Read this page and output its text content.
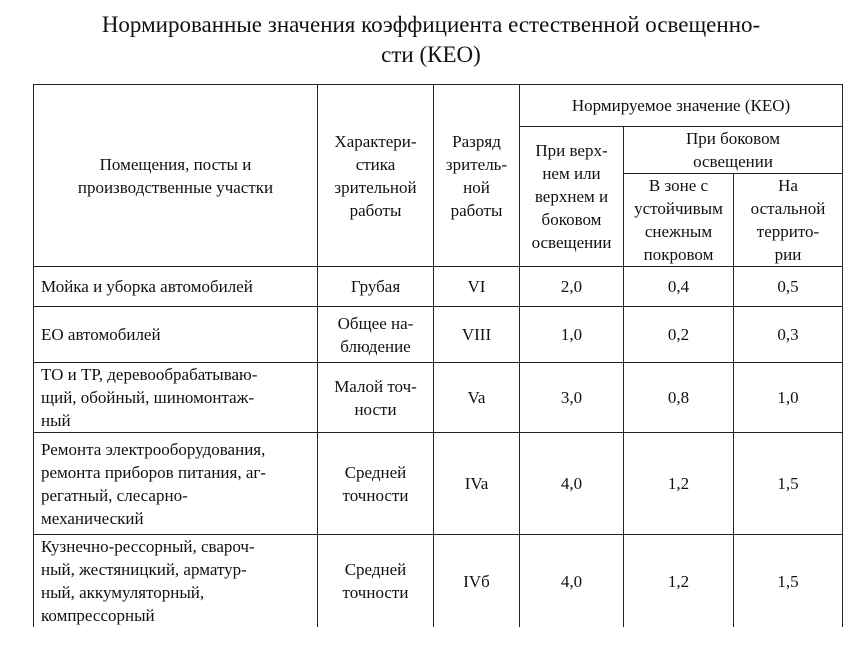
Нормированные значения коэффициента естественной освещенно-
сти (КЕО)
Помещения, посты и
производственные участки	Характери-
стика
зрительной
работы	Разряд
зритель-
ной
работы	Нормируемое значение (КЕО)		

			При верх-
нем или
верхнем и
боковом
освещении	При боковом
освещении	

				В зоне с
устойчивым
снежным
покровом	На
остальной
террито-
рии

Мойка и уборка автомобилей	Грубая	VI	2,0	0,4	0,5

ЕО автомобилей	Общее на-
блюдение	VIII	1,0	0,2	0,3

ТО и ТР, деревообрабатываю-
щий, обойный, шиномонтаж-
ный	Малой точ-
ности	Va	3,0	0,8	1,0

Ремонта электрооборудования,
ремонта приборов питания, аг-
регатный, слесарно-
механический	Средней
точности	IVa	4,0	1,2	1,5

Кузнечно-рессорный, свароч-
ный, жестяницкий, арматур-
ный, аккумуляторный,
компрессорный	Средней
точности	IVб	4,0	1,2	1,5
